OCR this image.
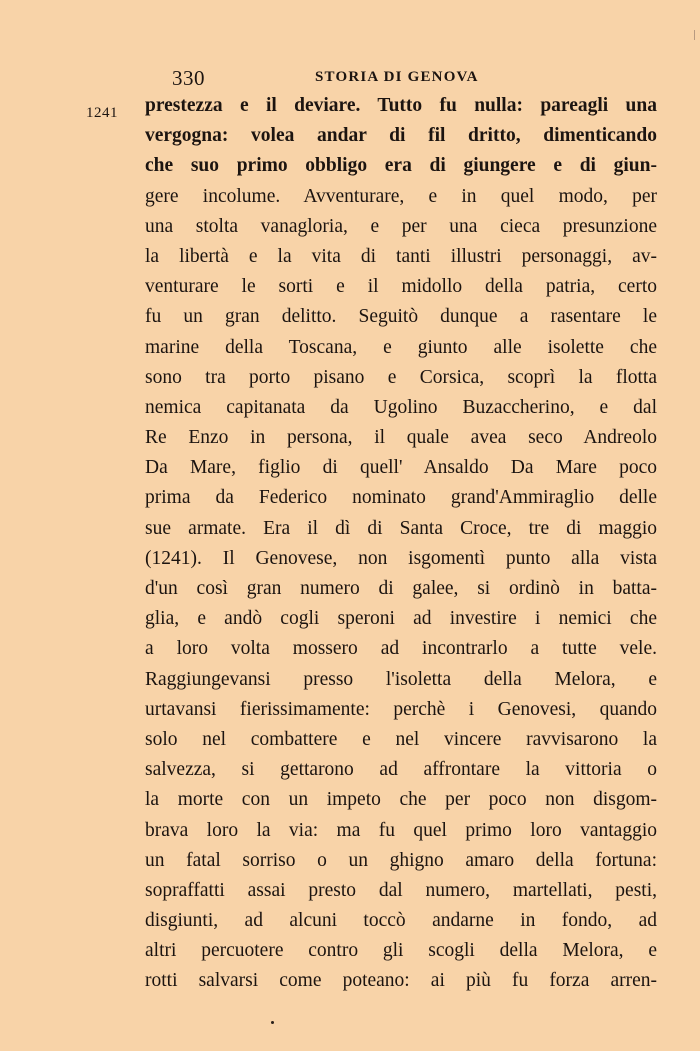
330	STORIA DI GENOVA
1241 prestezza e il deviare. Tutto fu nulla: pareagli una
vergogna: volea andar di fil dritto, dimenticando
che suo primo obbligo era di giungere e di giun-
gere incolume. Avventurare, e in quel modo, per
una stolta vanagloria, e per una cieca presunzione
la libertà e la vita di tanti illustri personaggi, av-
venturare le sorti e il midollo della patria, certo
fu un gran delitto. Seguitò dunque a rasentare le
marine della Toscana, e giunto alle isolette che
sono tra porto pisano e Corsica, scoprì la flotta
nemica capitanata da Ugolino Buzaccherino, e dal
Re Enzo in persona, il quale avea seco Andreolo
Da Mare, figlio di quell' Ansaldo Da Mare poco
prima da Federico nominato grand'Ammiraglio delle
sue armate. Era il dì di Santa Croce, tre di maggio
(1241). Il Genovese, non isgomentì punto alla vista
d'un così gran numero di galee, si ordinò in batta-
glia, e andò cogli speroni ad investire i nemici che
a loro volta mossero ad incontrarlo a tutte vele.
Raggiungevansi presso l'isoletta della Melora, e
urtavansi fierissimamente: perchè i Genovesi, quando
solo nel combattere e nel vincere ravvisarono la
salvezza, si gettarono ad affrontare la vittoria o
la morte con un impeto che per poco non disgom-
brava loro la via: ma fu quel primo loro vantaggio
un fatal sorriso o un ghigno amaro della fortuna:
sopraffatti assai presto dal numero, martellati, pesti,
disgiunti, ad alcuni toccò andarne in fondo, ad
altri percuotere contro gli scogli della Melora, e
rotti salvarsi come poteano: ai più fu forza arren-
